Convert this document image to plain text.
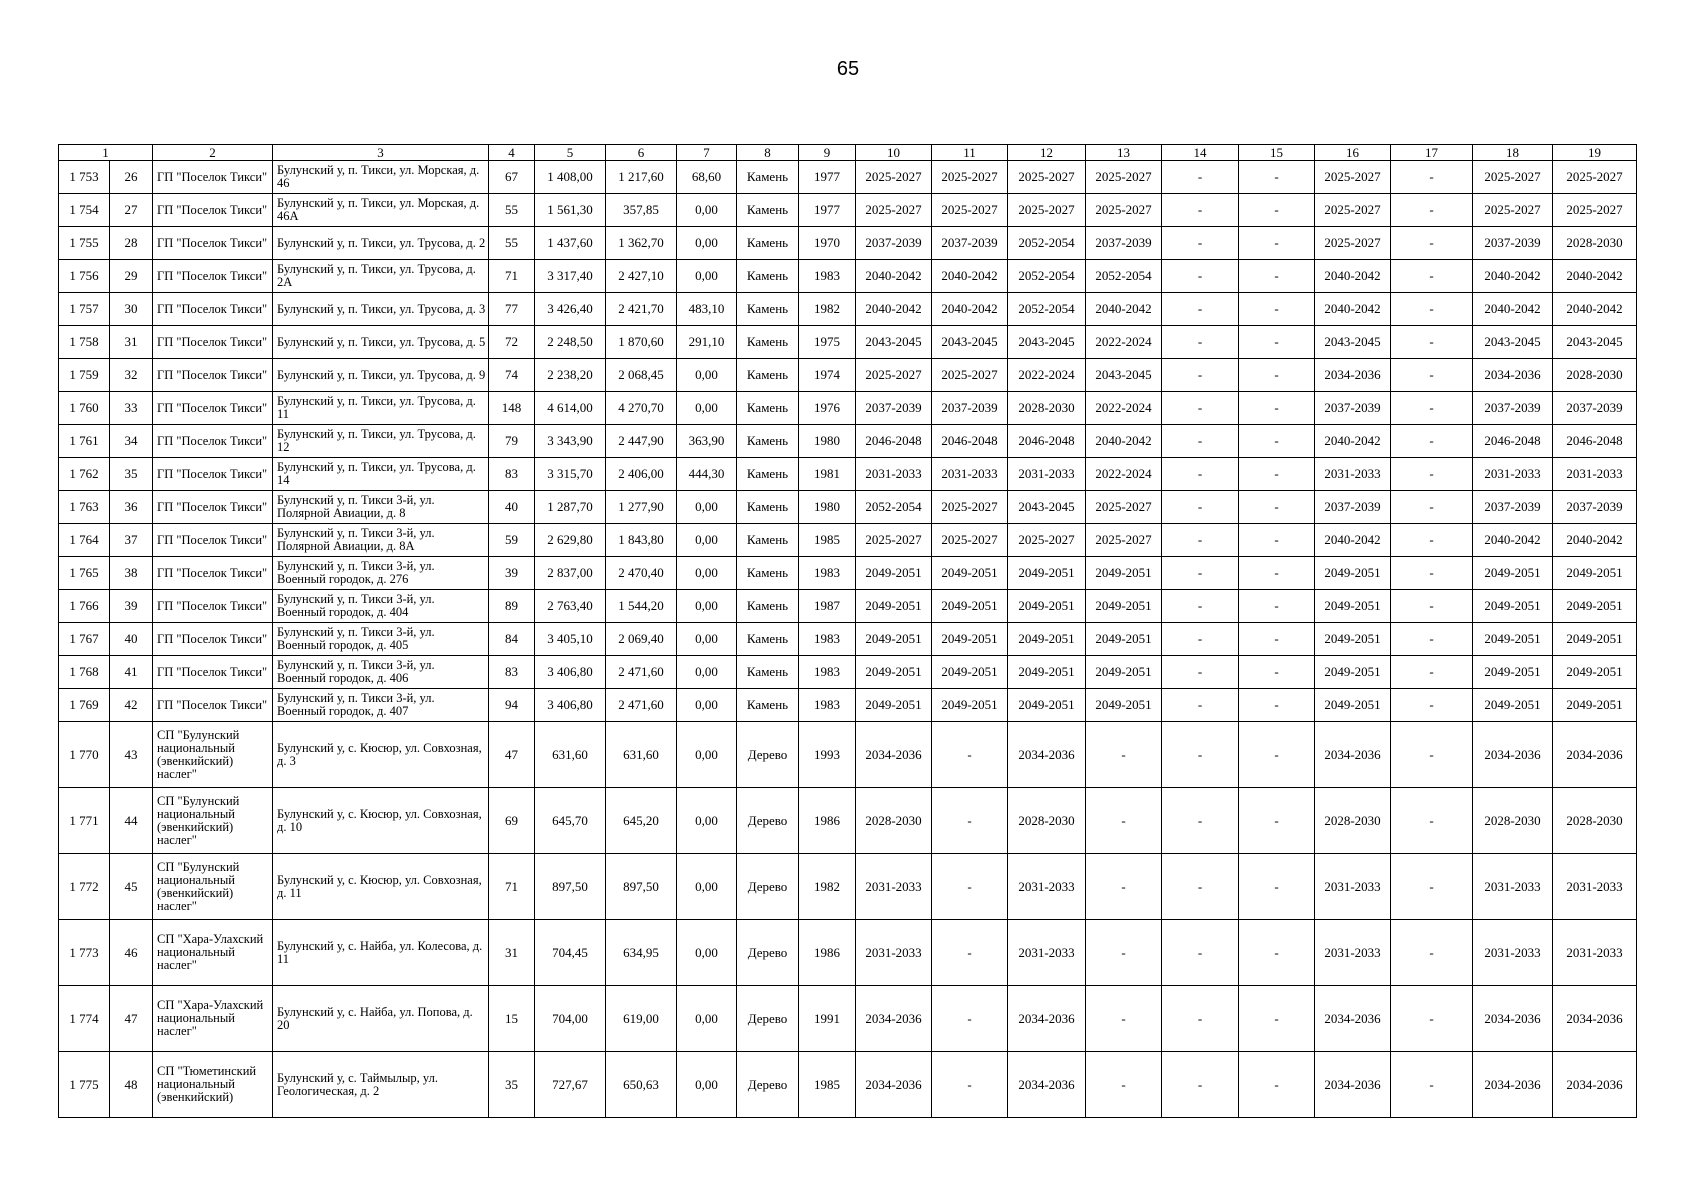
65
1		2	3	4	5	6	7	8	9	10	11	12	13	14	15	16	17	18	19
1 753	26	ГП "Поселок Тикси"	Булунский у, п. Тикси, ул. Морская, д. 46	67	1 408,00	1 217,60	68,60	Камень	1977	2025-2027	2025-2027	2025-2027	2025-2027	-	-	2025-2027	-	2025-2027	2025-2027
1 754	27	ГП "Поселок Тикси"	Булунский у, п. Тикси, ул. Морская, д. 46А	55	1 561,30	357,85	0,00	Камень	1977	2025-2027	2025-2027	2025-2027	2025-2027	-	-	2025-2027	-	2025-2027	2025-2027
1 755	28	ГП "Поселок Тикси"	Булунский у, п. Тикси, ул. Трусова, д. 2	55	1 437,60	1 362,70	0,00	Камень	1970	2037-2039	2037-2039	2052-2054	2037-2039	-	-	2025-2027	-	2037-2039	2028-2030
1 756	29	ГП "Поселок Тикси"	Булунский у, п. Тикси, ул. Трусова, д. 2А	71	3 317,40	2 427,10	0,00	Камень	1983	2040-2042	2040-2042	2052-2054	2052-2054	-	-	2040-2042	-	2040-2042	2040-2042
1 757	30	ГП "Поселок Тикси"	Булунский у, п. Тикси, ул. Трусова, д. 3	77	3 426,40	2 421,70	483,10	Камень	1982	2040-2042	2040-2042	2052-2054	2040-2042	-	-	2040-2042	-	2040-2042	2040-2042
1 758	31	ГП "Поселок Тикси"	Булунский у, п. Тикси, ул. Трусова, д. 5	72	2 248,50	1 870,60	291,10	Камень	1975	2043-2045	2043-2045	2043-2045	2022-2024	-	-	2043-2045	-	2043-2045	2043-2045
1 759	32	ГП "Поселок Тикси"	Булунский у, п. Тикси, ул. Трусова, д. 9	74	2 238,20	2 068,45	0,00	Камень	1974	2025-2027	2025-2027	2022-2024	2043-2045	-	-	2034-2036	-	2034-2036	2028-2030
1 760	33	ГП "Поселок Тикси"	Булунский у, п. Тикси, ул. Трусова, д. 11	148	4 614,00	4 270,70	0,00	Камень	1976	2037-2039	2037-2039	2028-2030	2022-2024	-	-	2037-2039	-	2037-2039	2037-2039
1 761	34	ГП "Поселок Тикси"	Булунский у, п. Тикси, ул. Трусова, д. 12	79	3 343,90	2 447,90	363,90	Камень	1980	2046-2048	2046-2048	2046-2048	2040-2042	-	-	2040-2042	-	2046-2048	2046-2048
1 762	35	ГП "Поселок Тикси"	Булунский у, п. Тикси, ул. Трусова, д. 14	83	3 315,70	2 406,00	444,30	Камень	1981	2031-2033	2031-2033	2031-2033	2022-2024	-	-	2031-2033	-	2031-2033	2031-2033
1 763	36	ГП "Поселок Тикси"	Булунский у, п. Тикси 3-й, ул. Полярной Авиации, д. 8	40	1 287,70	1 277,90	0,00	Камень	1980	2052-2054	2025-2027	2043-2045	2025-2027	-	-	2037-2039	-	2037-2039	2037-2039
1 764	37	ГП "Поселок Тикси"	Булунский у, п. Тикси 3-й, ул. Полярной Авиации, д. 8А	59	2 629,80	1 843,80	0,00	Камень	1985	2025-2027	2025-2027	2025-2027	2025-2027	-	-	2040-2042	-	2040-2042	2040-2042
1 765	38	ГП "Поселок Тикси"	Булунский у, п. Тикси 3-й, ул. Военный городок, д. 276	39	2 837,00	2 470,40	0,00	Камень	1983	2049-2051	2049-2051	2049-2051	2049-2051	-	-	2049-2051	-	2049-2051	2049-2051
1 766	39	ГП "Поселок Тикси"	Булунский у, п. Тикси 3-й, ул. Военный городок, д. 404	89	2 763,40	1 544,20	0,00	Камень	1987	2049-2051	2049-2051	2049-2051	2049-2051	-	-	2049-2051	-	2049-2051	2049-2051
1 767	40	ГП "Поселок Тикси"	Булунский у, п. Тикси 3-й, ул. Военный городок, д. 405	84	3 405,10	2 069,40	0,00	Камень	1983	2049-2051	2049-2051	2049-2051	2049-2051	-	-	2049-2051	-	2049-2051	2049-2051
1 768	41	ГП "Поселок Тикси"	Булунский у, п. Тикси 3-й, ул. Военный городок, д. 406	83	3 406,80	2 471,60	0,00	Камень	1983	2049-2051	2049-2051	2049-2051	2049-2051	-	-	2049-2051	-	2049-2051	2049-2051
1 769	42	ГП "Поселок Тикси"	Булунский у, п. Тикси 3-й, ул. Военный городок, д. 407	94	3 406,80	2 471,60	0,00	Камень	1983	2049-2051	2049-2051	2049-2051	2049-2051	-	-	2049-2051	-	2049-2051	2049-2051
1 770	43	СП "Булунский национальный (эвенкийский) наслег"	Булунский у, с. Кюсюр, ул. Совхозная, д. 3	47	631,60	631,60	0,00	Дерево	1993	2034-2036	-	2034-2036	-	-	-	2034-2036	-	2034-2036	2034-2036
1 771	44	СП "Булунский национальный (эвенкийский) наслег"	Булунский у, с. Кюсюр, ул. Совхозная, д. 10	69	645,70	645,20	0,00	Дерево	1986	2028-2030	-	2028-2030	-	-	-	2028-2030	-	2028-2030	2028-2030
1 772	45	СП "Булунский национальный (эвенкийский) наслег"	Булунский у, с. Кюсюр, ул. Совхозная, д. 11	71	897,50	897,50	0,00	Дерево	1982	2031-2033	-	2031-2033	-	-	-	2031-2033	-	2031-2033	2031-2033
1 773	46	СП "Хара-Улахский национальный наслег"	Булунский у, с. Найба, ул. Колесова, д. 11	31	704,45	634,95	0,00	Дерево	1986	2031-2033	-	2031-2033	-	-	-	2031-2033	-	2031-2033	2031-2033
1 774	47	СП "Хара-Улахский национальный наслег"	Булунский у, с. Найба, ул. Попова, д. 20	15	704,00	619,00	0,00	Дерево	1991	2034-2036	-	2034-2036	-	-	-	2034-2036	-	2034-2036	2034-2036
1 775	48	СП "Тюметинский национальный (эвенкийский)	Булунский у, с. Таймылыр, ул. Геологическая, д. 2	35	727,67	650,63	0,00	Дерево	1985	2034-2036	-	2034-2036	-	-	-	2034-2036	-	2034-2036	2034-2036
